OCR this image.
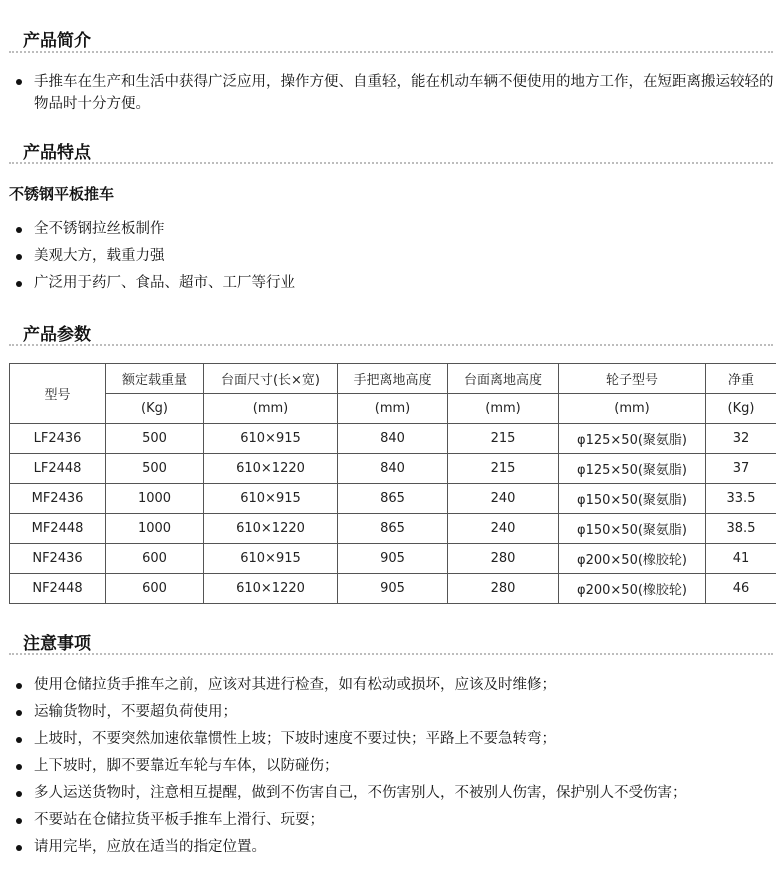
产品简介
手推车在生产和生活中获得广泛应用，操作方便、自重轻，能在机动车辆不便使用的地方工作，在短距离搬运较轻的物品时十分方便。
产品特点
不锈钢平板推车
全不锈钢拉丝板制作
美观大方，载重力强
广泛用于药厂、食品、超市、工厂等行业
产品参数
型号	额定载重量	台面尺寸(长×宽)	手把离地高度	台面离地高度	轮子型号	净重
	(Kg)	(mm)	(mm)	(mm)	(mm)	(Kg)
LF2436	500	610×915	840	215	φ125×50(聚氨脂)	32
LF2448	500	610×1220	840	215	φ125×50(聚氨脂)	37
MF2436	1000	610×915	865	240	φ150×50(聚氨脂)	33.5
MF2448	1000	610×1220	865	240	φ150×50(聚氨脂)	38.5
NF2436	600	610×915	905	280	φ200×50(橡胶轮)	41
NF2448	600	610×1220	905	280	φ200×50(橡胶轮)	46
注意事项
使用仓储拉货手推车之前，应该对其进行检查，如有松动或损坏，应该及时维修；
运输货物时，不要超负荷使用；
上坡时，不要突然加速依靠惯性上坡；下坡时速度不要过快；平路上不要急转弯；
上下坡时，脚不要靠近车轮与车体，以防碰伤；
多人运送货物时，注意相互提醒，做到不伤害自己，不伤害别人，不被别人伤害，保护别人不受伤害；
不要站在仓储拉货平板手推车上滑行、玩耍；
请用完毕，应放在适当的指定位置。
